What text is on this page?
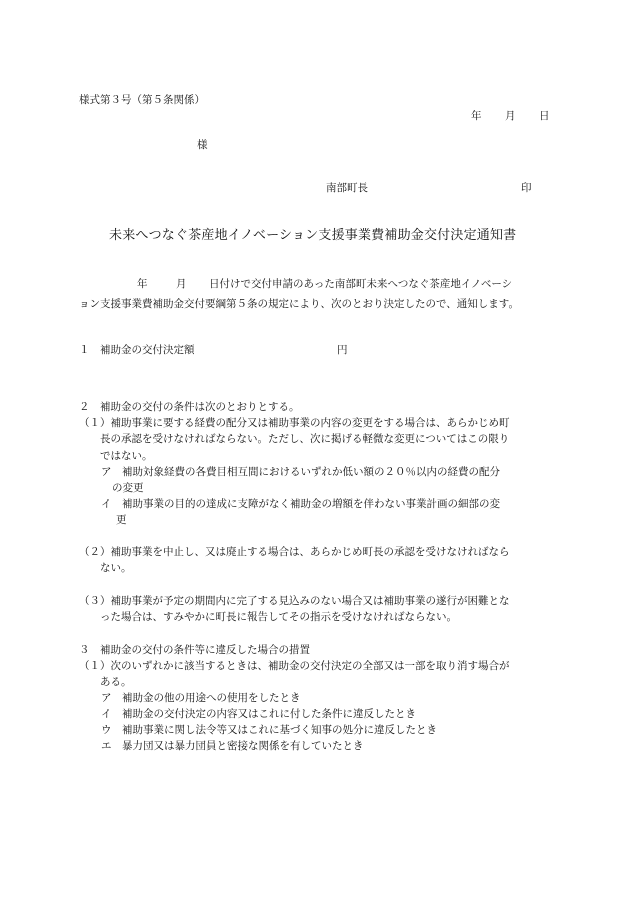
様式第３号（第５条関係）
年 月 日
様
南部町長	印
未来へつなぐ茶産地イノベーション支援事業費補助金交付決定通知書
年	月 日付けで交付申請のあった南部町未来へつなぐ茶産地イノベーシ
ョン支援事業費補助金交付要綱第５条の規定により、次のとおり決定したので、通知します。
１　補助金の交付決定額	円
２　補助金の交付の条件は次のとおりとする。
（１）補助事業に要する経費の配分又は補助事業の内容の変更をする場合は、あらかじめ町
長の承認を受けなければならない。ただし、次に掲げる軽微な変更についてはこの限り
ではない。
ア　補助対象経費の各費目相互間におけるいずれか低い額の２０％以内の経費の配分
の変更
イ　補助事業の目的の達成に支障がなく補助金の増額を伴わない事業計画の細部の変
更
（２）補助事業を中止し、又は廃止する場合は、あらかじめ町長の承認を受けなければなら
ない。
（３）補助事業が予定の期間内に完了する見込みのない場合又は補助事業の遂行が困難とな
った場合は、すみやかに町長に報告してその指示を受けなければならない。
３　補助金の交付の条件等に違反した場合の措置
（１）次のいずれかに該当するときは、補助金の交付決定の全部又は一部を取り消す場合が
ある。
ア　補助金の他の用途への使用をしたとき
イ　補助金の交付決定の内容又はこれに付した条件に違反したとき
ウ　補助事業に関し法令等又はこれに基づく知事の処分に違反したとき
エ　暴力団又は暴力団員と密接な関係を有していたとき
